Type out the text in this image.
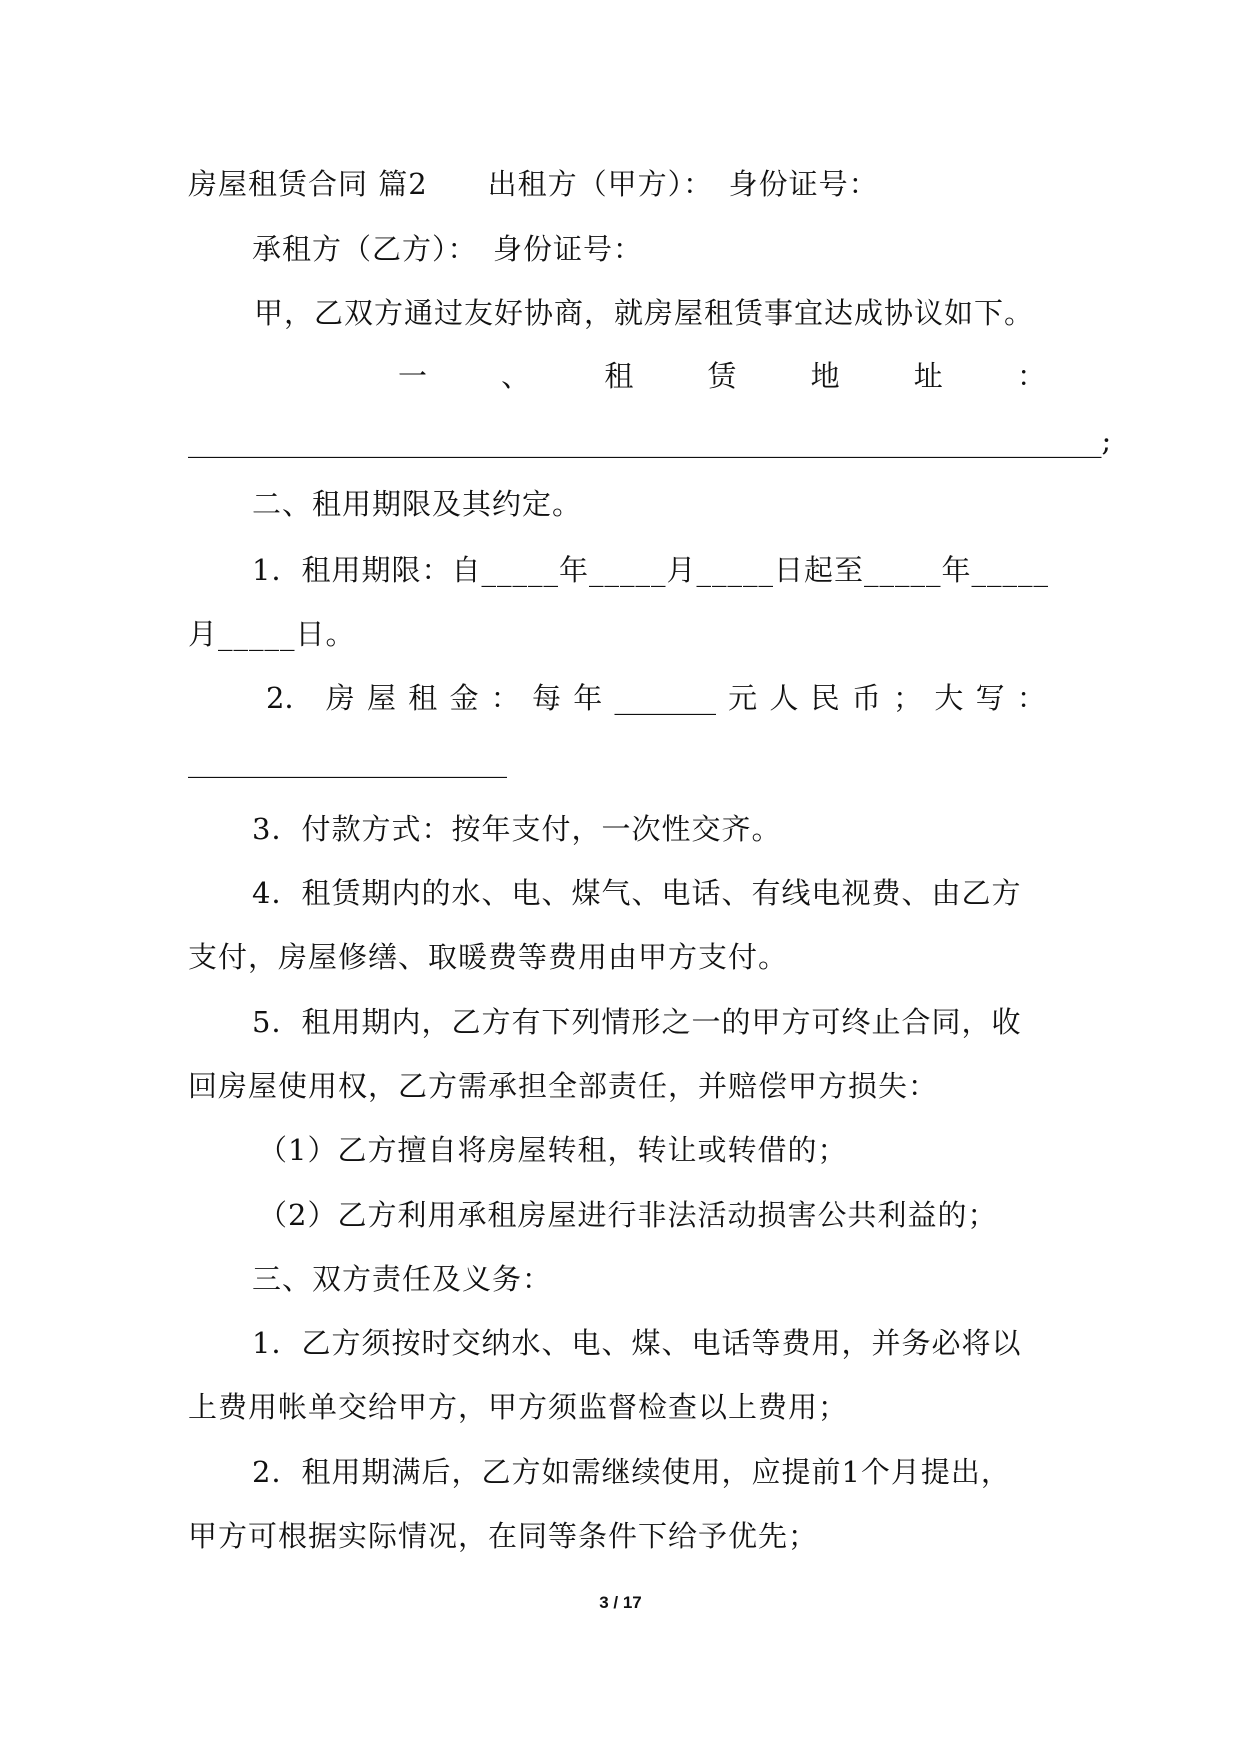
房屋租赁合同 篇2　　出租方（甲方）：　身份证号：
承租方（乙方）：　身份证号：
甲，乙双方通过友好协商，就房屋租赁事宜达成协议如下。
一	、	租	赁	地	址	：
_______________________________________________________________;
二、租用期限及其约定。
1．租用期限：自_____年_____月_____日起至_____年_____
月_____日。
2． 房 屋 租 金 ： 每 年 _______ 元 人 民 币 ； 大 写 ：
______________________
3．付款方式：按年支付，一次性交齐。
4．租赁期内的水、电、煤气、电话、有线电视费、由乙方
支付，房屋修缮、取暖费等费用由甲方支付。
5．租用期内，乙方有下列情形之一的甲方可终止合同，收
回房屋使用权，乙方需承担全部责任，并赔偿甲方损失：
（1）乙方擅自将房屋转租，转让或转借的；
（2）乙方利用承租房屋进行非法活动损害公共利益的；
三、双方责任及义务：
1．乙方须按时交纳水、电、煤、电话等费用，并务必将以
上费用帐单交给甲方，甲方须监督检查以上费用；
2．租用期满后，乙方如需继续使用，应提前1个月提出，
甲方可根据实际情况，在同等条件下给予优先；
3 / 17
